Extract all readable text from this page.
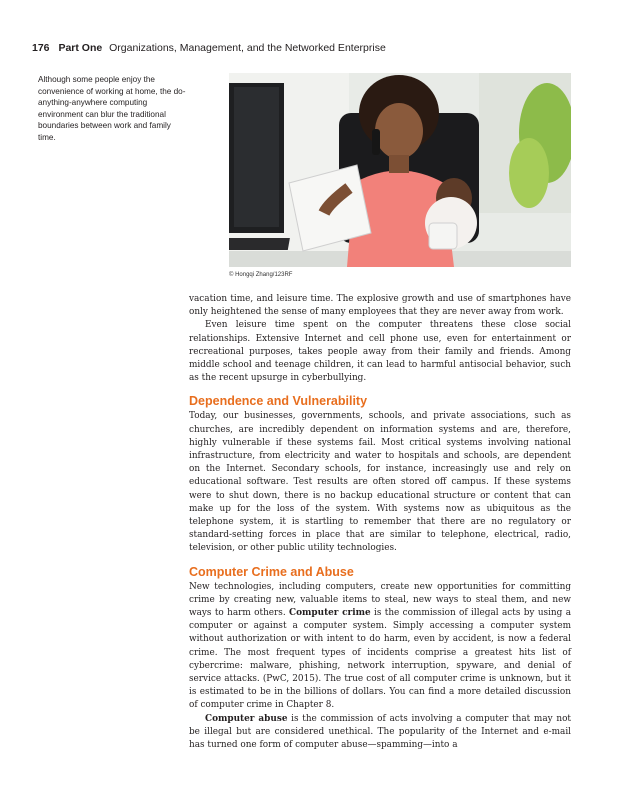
176 Part One Organizations, Management, and the Networked Enterprise
Although some people enjoy the convenience of working at home, the do-anything-anywhere computing environment can blur the traditional boundaries between work and family time.
© Hongqi Zhang/123RF

vacation time, and leisure time. The explosive growth and use of smartphones have only heightened the sense of many employees that they are never away from work.

Even leisure time spent on the computer threatens these close social relationships. Extensive Internet and cell phone use, even for entertainment or recreational purposes, takes people away from their family and friends. Among middle school and teenage children, it can lead to harmful antisocial behavior, such as the recent upsurge in cyberbullying.

Dependence and Vulnerability

Today, our businesses, governments, schools, and private associations, such as churches, are incredibly dependent on information systems and are, therefore, highly vulnerable if these systems fail. Most critical systems involving national infrastructure, from electricity and water to hospitals and schools, are dependent on the Internet. Secondary schools, for instance, increasingly use and rely on educational software. Test results are often stored off campus. If these systems were to shut down, there is no backup educational structure or content that can make up for the loss of the system. With systems now as ubiquitous as the telephone system, it is startling to remember that there are no regulatory or standard-setting forces in place that are similar to telephone, electrical, radio, television, or other public utility technologies.

Computer Crime and Abuse

New technologies, including computers, create new opportunities for committing crime by creating new, valuable items to steal, new ways to steal them, and new ways to harm others. Computer crime is the commission of illegal acts by using a computer or against a computer system. Simply accessing a computer system without authorization or with intent to do harm, even by accident, is now a federal crime. The most frequent types of incidents comprise a greatest hits list of cybercrime: malware, phishing, network interruption, spyware, and denial of service attacks. (PwC, 2015). The true cost of all computer crime is unknown, but it is estimated to be in the billions of dollars. You can find a more detailed discussion of computer crime in Chapter 8.

Computer abuse is the commission of acts involving a computer that may not be illegal but are considered unethical. The popularity of the Internet and e-mail has turned one form of computer abuse—spamming—into a
